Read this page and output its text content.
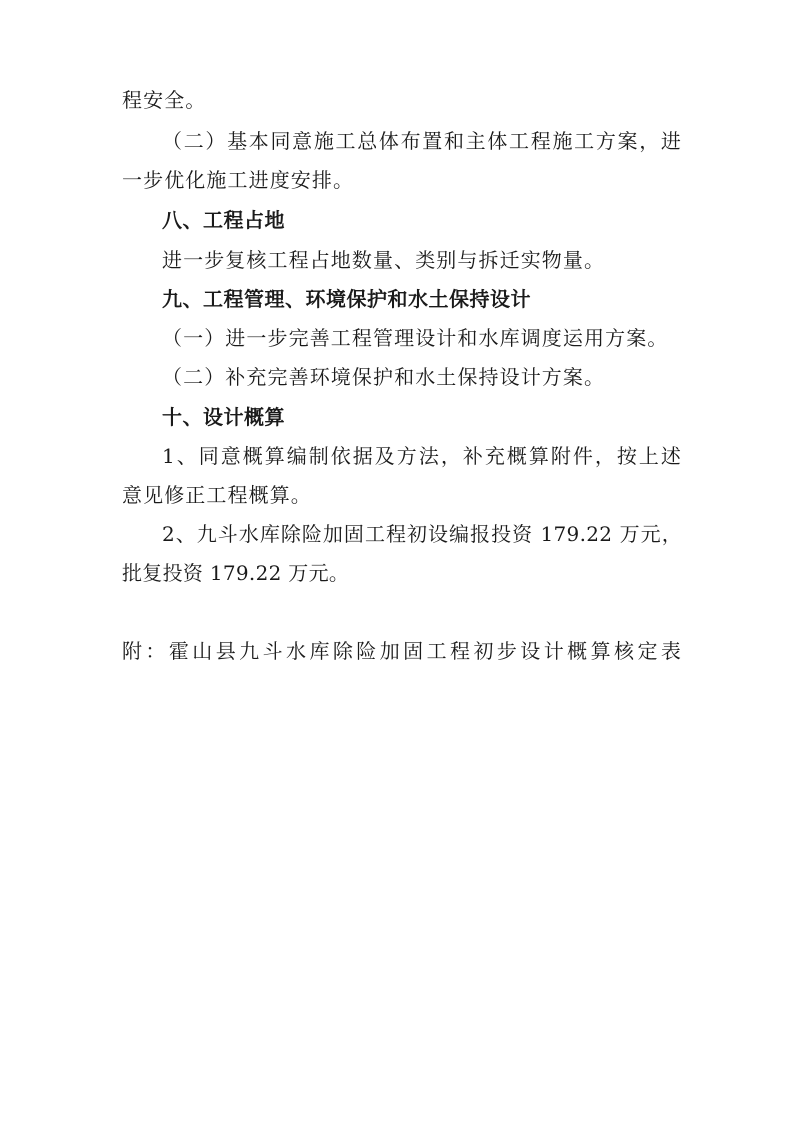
程安全。
（二）基本同意施工总体布置和主体工程施工方案，进
一步优化施工进度安排。
八、工程占地
进一步复核工程占地数量、类别与拆迁实物量。
九、工程管理、环境保护和水土保持设计
（一）进一步完善工程管理设计和水库调度运用方案。
（二）补充完善环境保护和水土保持设计方案。
十、设计概算
1、同意概算编制依据及方法，补充概算附件，按上述
意见修正工程概算。
2、九斗水库除险加固工程初设编报投资 179.22 万元，
批复投资 179.22 万元。
附：霍山县九斗水库除险加固工程初步设计概算核定表
